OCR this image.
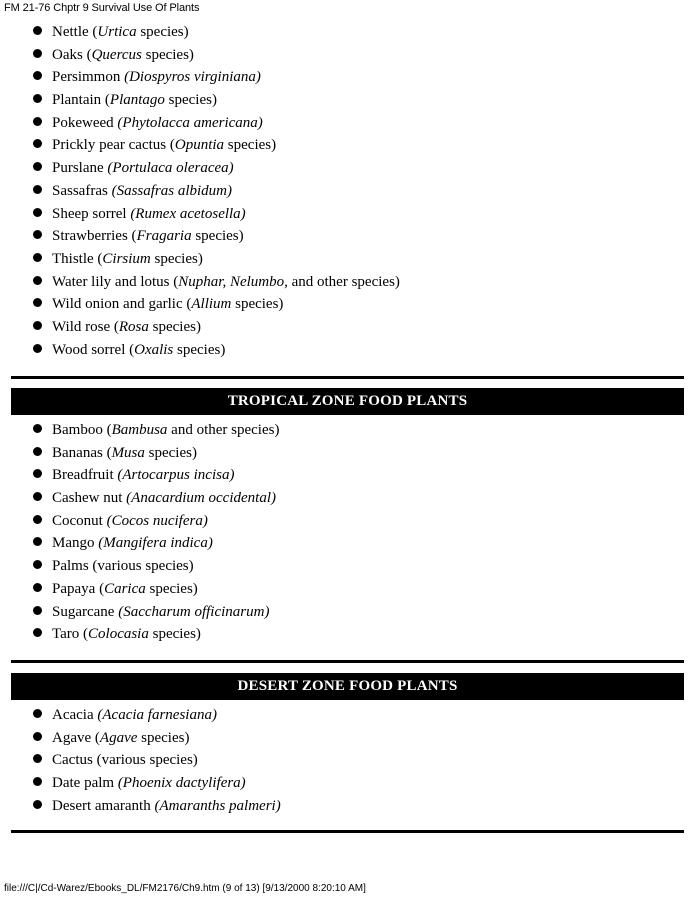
FM 21-76 Chptr 9 Survival Use Of Plants
Nettle (Urtica species)
Oaks (Quercus species)
Persimmon (Diospyros virginiana)
Plantain (Plantago species)
Pokeweed (Phytolacca americana)
Prickly pear cactus (Opuntia species)
Purslane (Portulaca oleracea)
Sassafras (Sassafras albidum)
Sheep sorrel (Rumex acetosella)
Strawberries (Fragaria species)
Thistle (Cirsium species)
Water lily and lotus (Nuphar, Nelumbo, and other species)
Wild onion and garlic (Allium species)
Wild rose (Rosa species)
Wood sorrel (Oxalis species)
TROPICAL ZONE FOOD PLANTS
Bamboo (Bambusa and other species)
Bananas (Musa species)
Breadfruit (Artocarpus incisa)
Cashew nut (Anacardium occidental)
Coconut (Cocos nucifera)
Mango (Mangifera indica)
Palms (various species)
Papaya (Carica species)
Sugarcane (Saccharum officinarum)
Taro (Colocasia species)
DESERT ZONE FOOD PLANTS
Acacia (Acacia farnesiana)
Agave (Agave species)
Cactus (various species)
Date palm (Phoenix dactylifera)
Desert amaranth (Amaranths palmeri)
file:///C|/Cd-Warez/Ebooks_DL/FM2176/Ch9.htm (9 of 13) [9/13/2000 8:20:10 AM]
